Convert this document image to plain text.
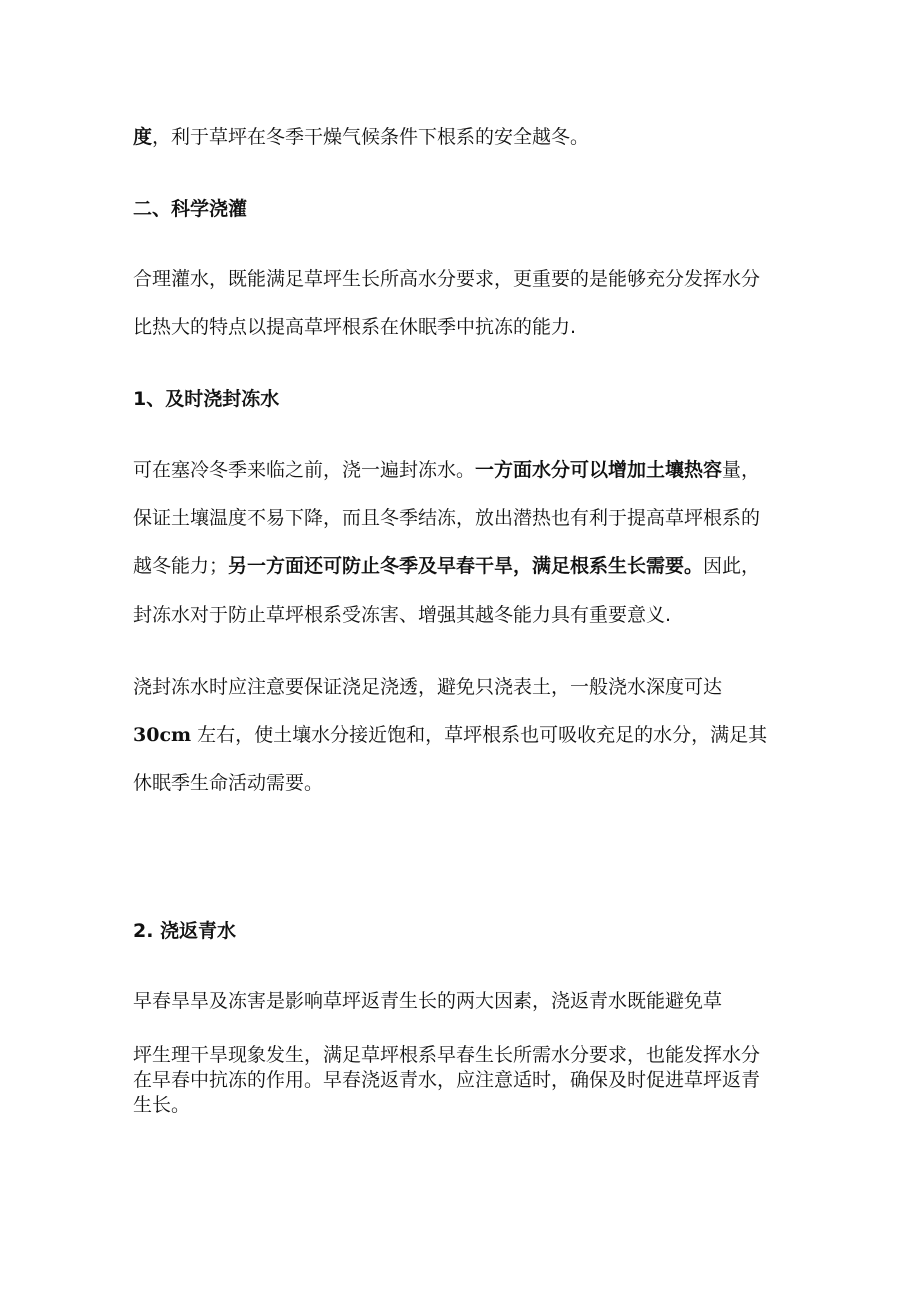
度，利于草坪在冬季干燥气候条件下根系的安全越冬。
二、科学浇灌
合理灌水，既能满足草坪生长所高水分要求，更重要的是能够充分发挥水分
比热大的特点以提高草坪根系在休眠季中抗冻的能力.
1、及时浇封冻水
可在塞冷冬季来临之前，浇一遍封冻水。一方面水分可以增加土壤热容量，
保证土壤温度不易下降，而且冬季结冻，放出潜热也有利于提高草坪根系的
越冬能力；另一方面还可防止冬季及早春干旱，满足根系生长需要。因此，
封冻水对于防止草坪根系受冻害、增强其越冬能力具有重要意义.
浇封冻水时应注意要保证浇足浇透，避免只浇表土，一般浇水深度可达
30cm 左右，使土壤水分接近饱和，草坪根系也可吸收充足的水分，满足其
休眠季生命活动需要。
2. 浇返青水
早春旱旱及冻害是影响草坪返青生长的两大因素，浇返青水既能避免草
坪生理干旱现象发生，满足草坪根系早春生长所需水分要求，也能发挥水分
在早春中抗冻的作用。早春浇返青水，应注意适时，确保及时促进草坪返青
生长。
